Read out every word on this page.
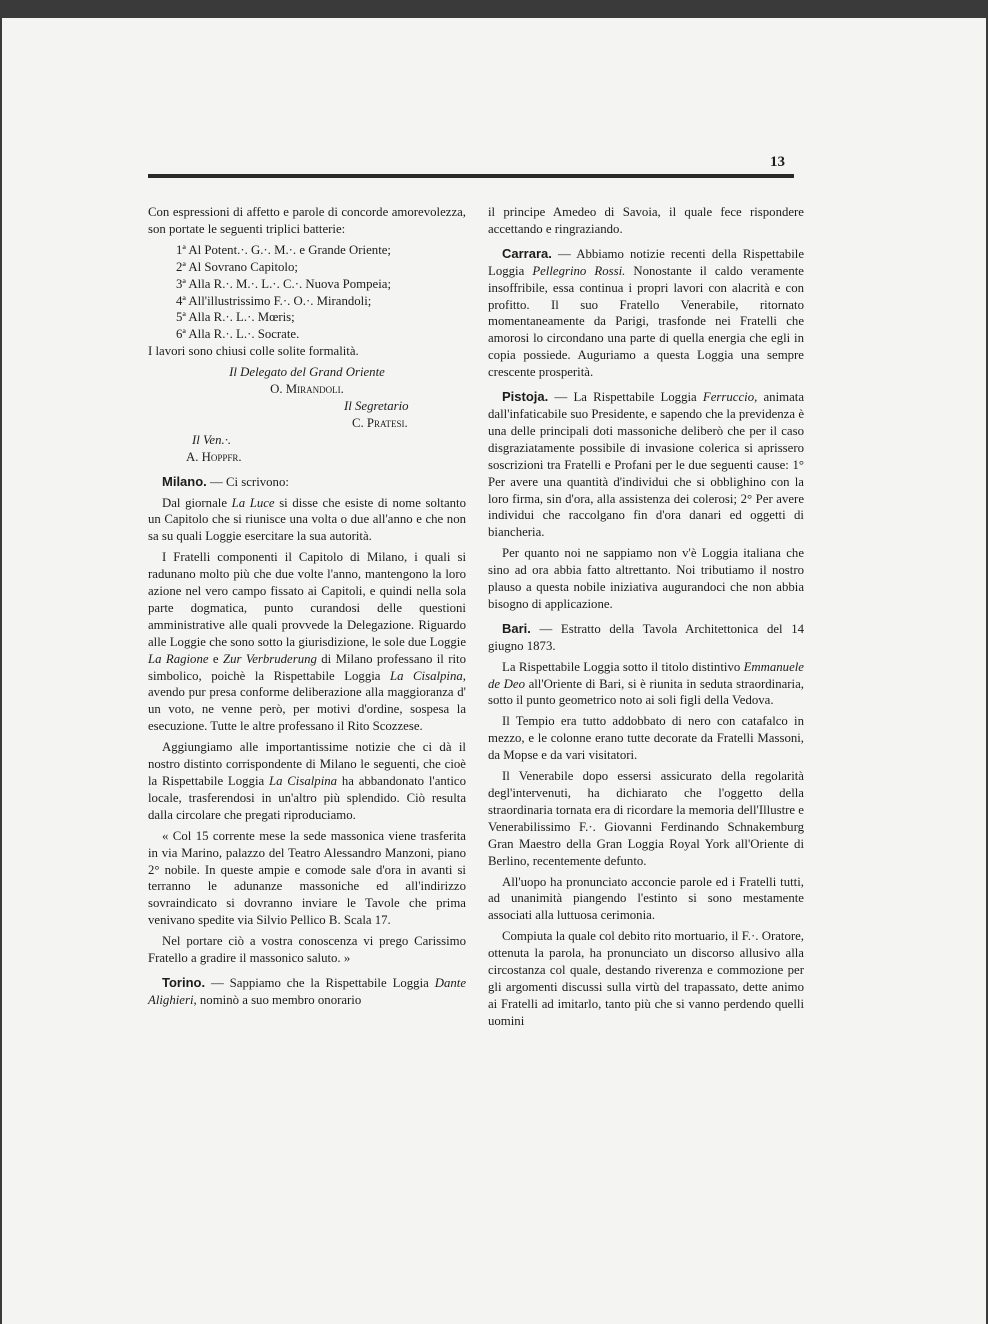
13

Con espressioni di affetto e parole di concorde amorevolezza, son portate le seguenti triplici batterie:

1ª Al Potent.·. G.·. M.·. e Grande Oriente;

2ª Al Sovrano Capitolo;

3ª Alla R.·. M.·. L.·. C.·. Nuova Pompeia;

4ª All'illustrissimo F.·. O.·. Mirandoli;

5ª Alla R.·. L.·. Mœris;

6ª Alla R.·. L.·. Socrate.

I lavori sono chiusi colle solite formalità.

Il Delegato del Grand Oriente
O. Mirandoli.
Il Segretario
C. Pratesi.
Il Ven.·.
A. Hoppfr.

Milano. — Ci scrivono:

Dal giornale La Luce si disse che esiste di nome soltanto un Capitolo che si riunisce una volta o due all'anno e che non sa su quali Loggie esercitare la sua autorità.

I Fratelli componenti il Capitolo di Milano, i quali si radunano molto più che due volte l'anno, mantengono la loro azione nel vero campo fissato ai Capitoli, e quindi nella sola parte dogmatica, punto curandosi delle questioni amministrative alle quali provvede la Delegazione. Riguardo alle Loggie che sono sotto la giurisdizione, le sole due Loggie La Ragione e Zur Verbruderung di Milano professano il rito simbolico, poichè la Rispettabile Loggia La Cisalpina, avendo pur presa conforme deliberazione alla maggioranza d' un voto, ne venne però, per motivi d'ordine, sospesa la esecuzione. Tutte le altre professano il Rito Scozzese.

Aggiungiamo alle importantissime notizie che ci dà il nostro distinto corrispondente di Milano le seguenti, che cioè la Rispettabile Loggia La Cisalpina ha abbandonato l'antico locale, trasferendosi in un'altro più splendido. Ciò resulta dalla circolare che pregati riproduciamo.

« Col 15 corrente mese la sede massonica viene trasferita in via Marino, palazzo del Teatro Alessandro Manzoni, piano 2° nobile. In queste ampie e comode sale d'ora in avanti si terranno le adunanze massoniche ed all'indirizzo sovraindicato si dovranno inviare le Tavole che prima venivano spedite via Silvio Pellico B. Scala 17.

Nel portare ciò a vostra conoscenza vi prego Carissimo Fratello a gradire il massonico saluto. »

Torino. — Sappiamo che la Rispettabile Loggia Dante Alighieri, nominò a suo membro onorario

il principe Amedeo di Savoia, il quale fece rispondere accettando e ringraziando.

Carrara. — Abbiamo notizie recenti della Rispettabile Loggia Pellegrino Rossi. Nonostante il caldo veramente insoffribile, essa continua i propri lavori con alacrità e con profitto. Il suo Fratello Venerabile, ritornato momentaneamente da Parigi, trasfonde nei Fratelli che amorosi lo circondano una parte di quella energia che egli in copia possiede. Auguriamo a questa Loggia una sempre crescente prosperità.

Pistoja. — La Rispettabile Loggia Ferruccio, animata dall'infaticabile suo Presidente, e sapendo che la previdenza è una delle principali doti massoniche deliberò che per il caso disgraziatamente possibile di invasione colerica si aprissero soscrizioni tra Fratelli e Profani per le due seguenti cause: 1° Per avere una quantità d'individui che si obblighino con la loro firma, sin d'ora, alla assistenza dei colerosi; 2° Per avere individui che raccolgano fin d'ora danari ed oggetti di biancheria.

Per quanto noi ne sappiamo non v'è Loggia italiana che sino ad ora abbia fatto altrettanto. Noi tributiamo il nostro plauso a questa nobile iniziativa augurandoci che non abbia bisogno di applicazione.

Bari. — Estratto della Tavola Architettonica del 14 giugno 1873.

La Rispettabile Loggia sotto il titolo distintivo Emmanuele de Deo all'Oriente di Bari, si è riunita in seduta straordinaria, sotto il punto geometrico noto ai soli figli della Vedova.

Il Tempio era tutto addobbato di nero con catafalco in mezzo, e le colonne erano tutte decorate da Fratelli Massoni, da Mopse e da vari visitatori.

Il Venerabile dopo essersi assicurato della regolarità degl'intervenuti, ha dichiarato che l'oggetto della straordinaria tornata era di ricordare la memoria dell'Illustre e Venerabilissimo F.·. Giovanni Ferdinando Schnakemburg Gran Maestro della Gran Loggia Royal York all'Oriente di Berlino, recentemente defunto.

All'uopo ha pronunciato acconcie parole ed i Fratelli tutti, ad unanimità piangendo l'estinto si sono mestamente associati alla luttuosa cerimonia.

Compiuta la quale col debito rito mortuario, il F.·. Oratore, ottenuta la parola, ha pronunciato un discorso allusivo alla circostanza col quale, destando riverenza e commozione per gli argomenti discussi sulla virtù del trapassato, dette animo ai Fratelli ad imitarlo, tanto più che si vanno perdendo quelli uomini
